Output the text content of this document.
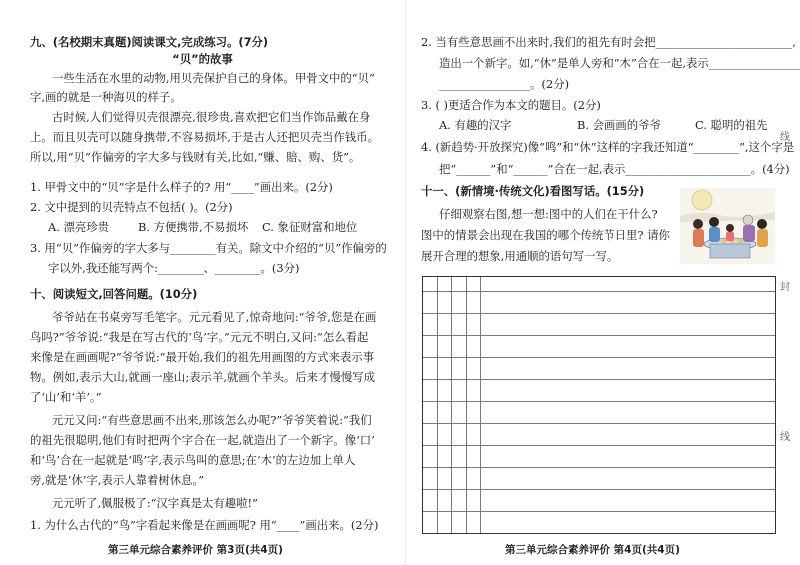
九、(名校期末真题)阅读课文,完成练习。(7分)
“贝”的故事
一些生活在水里的动物,用贝壳保护自己的身体。甲骨文中的“贝”
字,画的就是一种海贝的样子。
古时候,人们觉得贝壳很漂亮,很珍贵,喜欢把它们当作饰品戴在身
上。而且贝壳可以随身携带,不容易损坏,于是古人还把贝壳当作钱币。
所以,用“贝”作偏旁的字大多与钱财有关,比如,“赚、賠、购、货”。
1. 甲骨文中的“贝”字是什么样子的? 用“____”画出来。(2分)
2. 文中提到的贝壳特点不包括( )。(2分)
A. 漂亮珍贵	B. 方便携带,不易损坏 C. 象征财富和地位
3. 用“贝”作偏旁的字大多与________有关。除文中介绍的“贝”作偏旁的
字以外,我还能写两个:________、________。(3分)
十、阅读短文,回答问题。(10分)
爷爷站在书桌旁写毛笔字。元元看见了,惊奇地问:“爷爷,您是在画
鸟吗?”爷爷说:“我是在写古代的‘鸟’字。”元元不明白,又问:“怎么看起
来像是在画画呢?”爷爷说:“最开始,我们的祖先用画图的方式来表示事
物。例如,表示大山,就画一座山;表示羊,就画个羊头。后来才慢慢写成
了‘山’和‘羊’。”
元元又问:“有些意思画不出来,那该怎么办呢?”爷爷笑着说:“我们
的祖先很聪明,他们有时把两个字合在一起,就造出了一个新字。像‘口’
和‘鸟’合在一起就是‘鸣’字,表示鸟叫的意思;在‘木’的左边加上单人
旁,就是‘休’字,表示人靠着树休息。”
元元听了,佩服极了:“汉字真是太有趣啦!”
1. 为什么古代的“鸟”字看起来像是在画画呢? 用“____”画出来。(2分)
第三单元综合素养评价 第3页(共4页)
2. 当有些意思画不出来时,我们的祖先有时会把________________________,
造出一个新字。如,“休”是单人旁和“木”合在一起,表示________________
________________。(2分)
3. ( )更适合作为本文的题目。(2分)
A. 有趣的汉字	B. 会画画的爷爷	C. 聪明的祖先
4. (新趋势·开放探究)像“鸣”和“休”这样的字我还知道“________”,这个字是
把“______”和“______”合在一起,表示______________________。(4分)
十一、(新情境·传统文化)看图写话。(15分)
仔细观察右图,想一想:图中的人们在干什么?
图中的情景会出现在我国的哪个传统节日里? 请你
展开合理的想象,用通顺的语句写一写。
第三单元综合素养评价 第4页(共4页)
线
封
线
